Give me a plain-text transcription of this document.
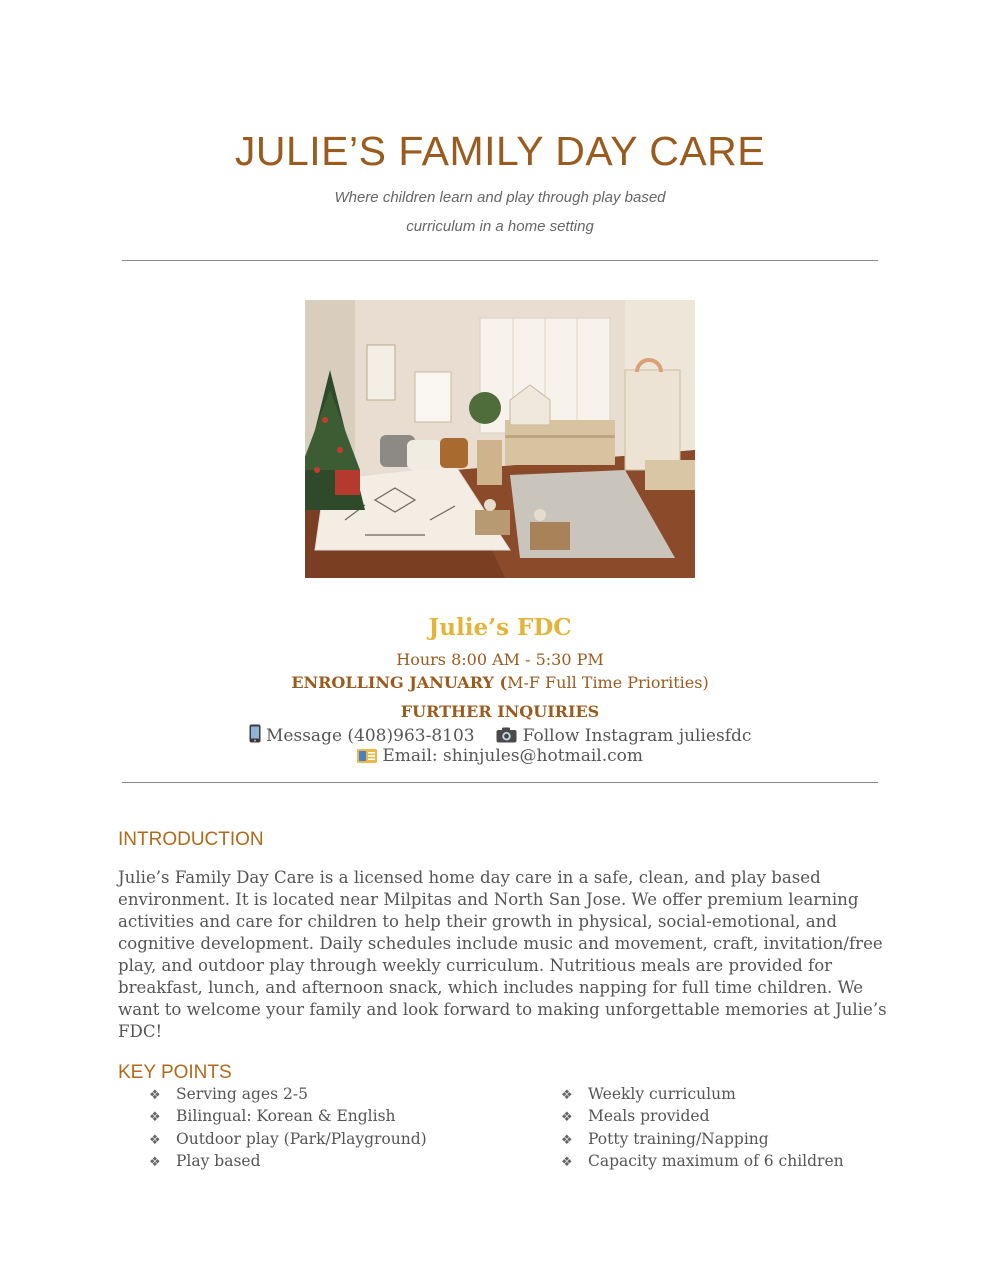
JULIE’S FAMILY DAY CARE
Where children learn and play through play based
curriculum in a home setting
Julie’s FDC
Hours 8:00 AM - 5:30 PM
ENROLLING JANUARY (M-F Full Time Priorities)
FURTHER INQUIRIES
Message (408)963-8103	Follow Instagram juliesfdc
Email: shinjules@hotmail.com
INTRODUCTION

Julie’s Family Day Care is a licensed home day care in a safe, clean, and play based environment. It is located near Milpitas and North San Jose. We offer premium learning activities and care for children to help their growth in physical, social-emotional, and cognitive development. Daily schedules include music and movement, craft, invitation/free play, and outdoor play through weekly curriculum. Nutritious meals are provided for breakfast, lunch, and afternoon snack, which includes napping for full time children. We want to welcome your family and look forward to making unforgettable memories at Julie’s FDC!

KEY POINTS
❖ Serving ages 2-5
❖ Bilingual: Korean & English
❖ Outdoor play (Park/Playground)
❖ Play based
❖ Weekly curriculum
❖ Meals provided
❖ Potty training/Napping
❖ Capacity maximum of 6 children
